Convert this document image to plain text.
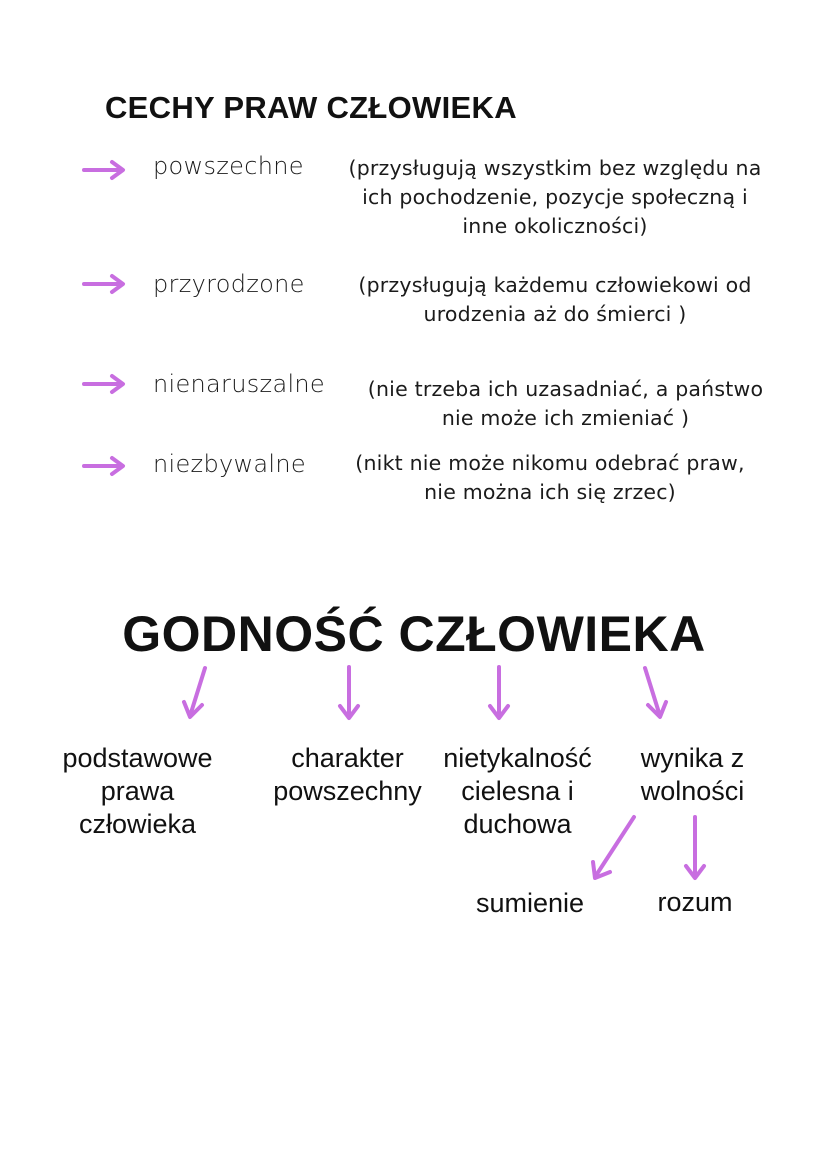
CECHY PRAW CZŁOWIEKA
powszechne	(przysługują wszystkim bez względu na
ich pochodzenie, pozycje społeczną i
inne okoliczności)
przyrodzone	(przysługują każdemu człowiekowi od
urodzenia aż do śmierci )
nienaruszalne	(nie trzeba ich uzasadniać, a państwo
nie może ich zmieniać )
niezbywalne	(nikt nie może nikomu odebrać praw,
nie można ich się zrzec)
GODNOŚĆ CZŁOWIEKA
podstawowe
prawa
człowieka
charakter
powszechny
nietykalność
cielesna i
duchowa
wynika z
wolności
sumienie	rozum
